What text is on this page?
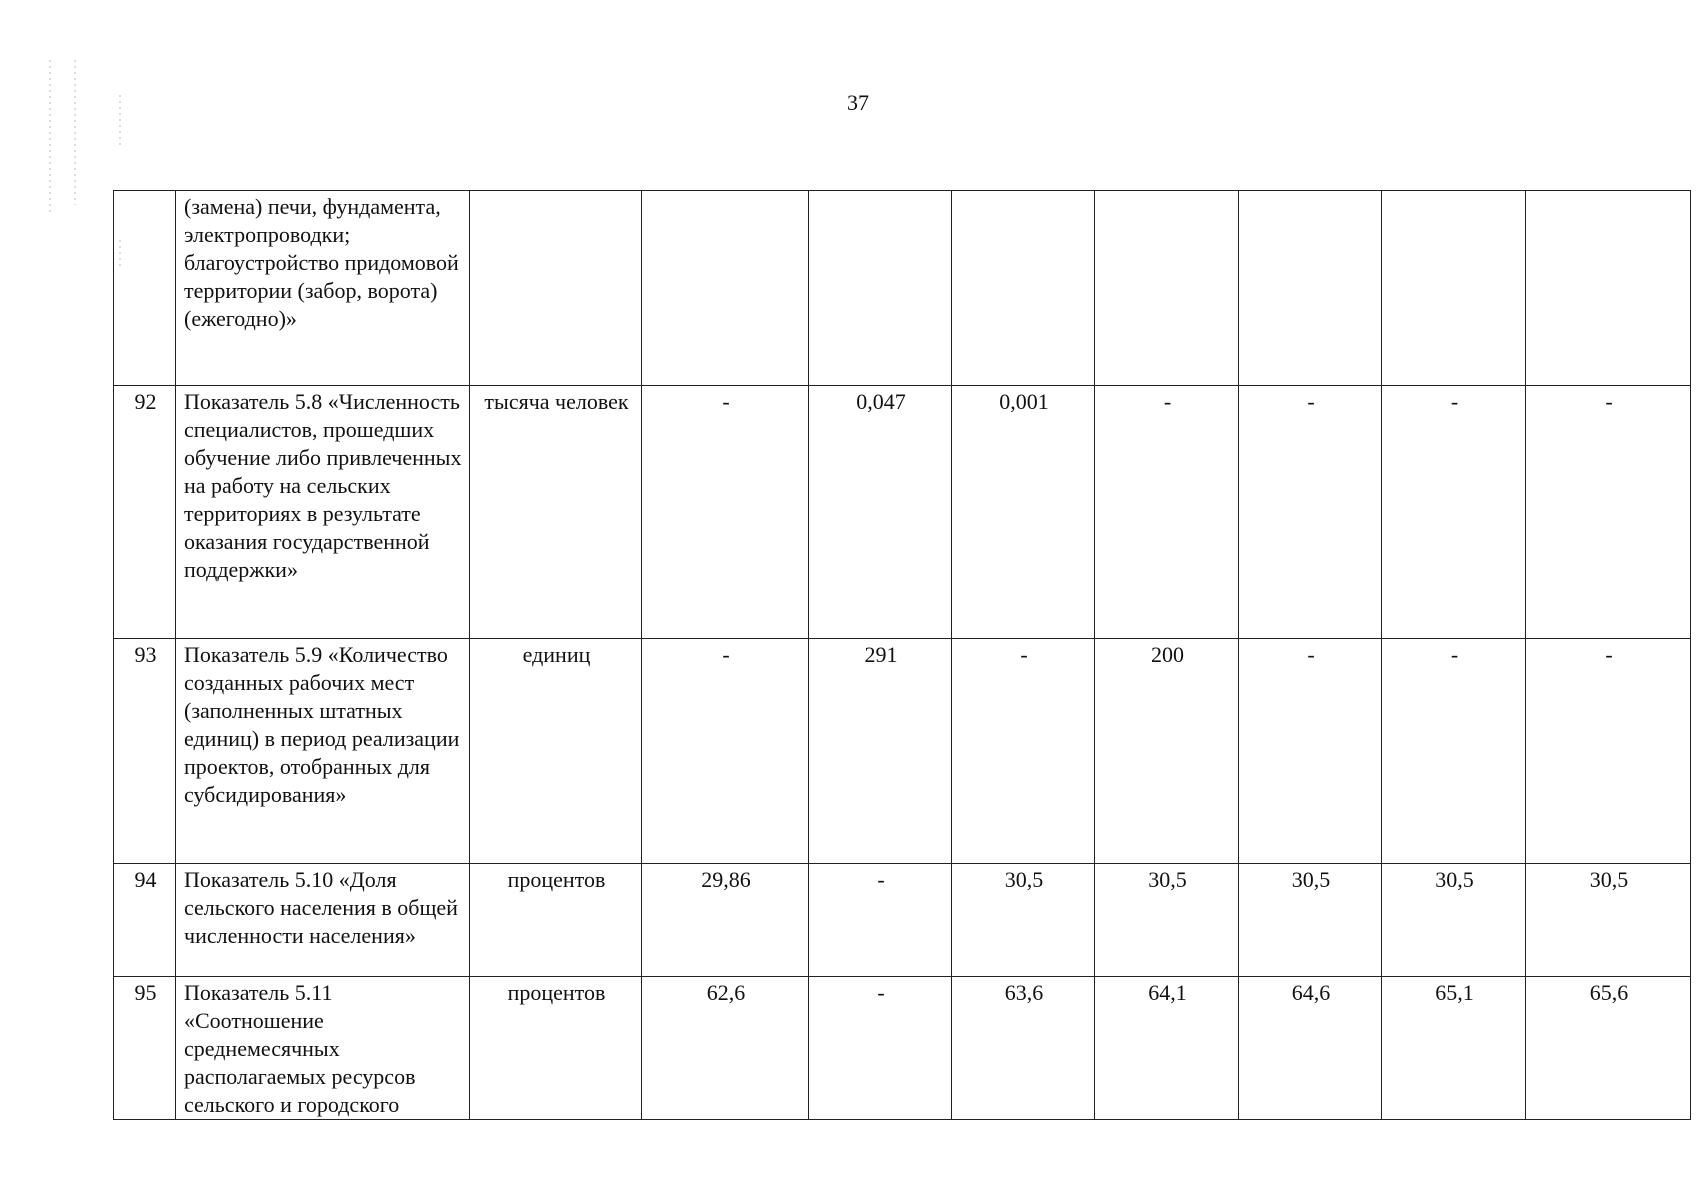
37
	(замена) печи, фундамента, электропроводки; благоустройство придомовой территории (забор, ворота) (ежегодно)»								
92	Показатель 5.8 «Численность специалистов, прошедших обучение либо привлеченных на работу на сельских территориях в результате оказания государственной поддержки»	тысяча человек	-	0,047	0,001	-	-	-	-
93	Показатель 5.9 «Количество созданных рабочих мест (заполненных штатных единиц) в период реализации проектов, отобранных для субсидирования»	единиц	-	291	-	200	-	-	-
94	Показатель 5.10 «Доля сельского населения в общей численности населения»	процентов	29,86	-	30,5	30,5	30,5	30,5	30,5
95	Показатель 5.11 «Соотношение среднемесячных располагаемых ресурсов сельского и городского	процентов	62,6	-	63,6	64,1	64,6	65,1	65,6
